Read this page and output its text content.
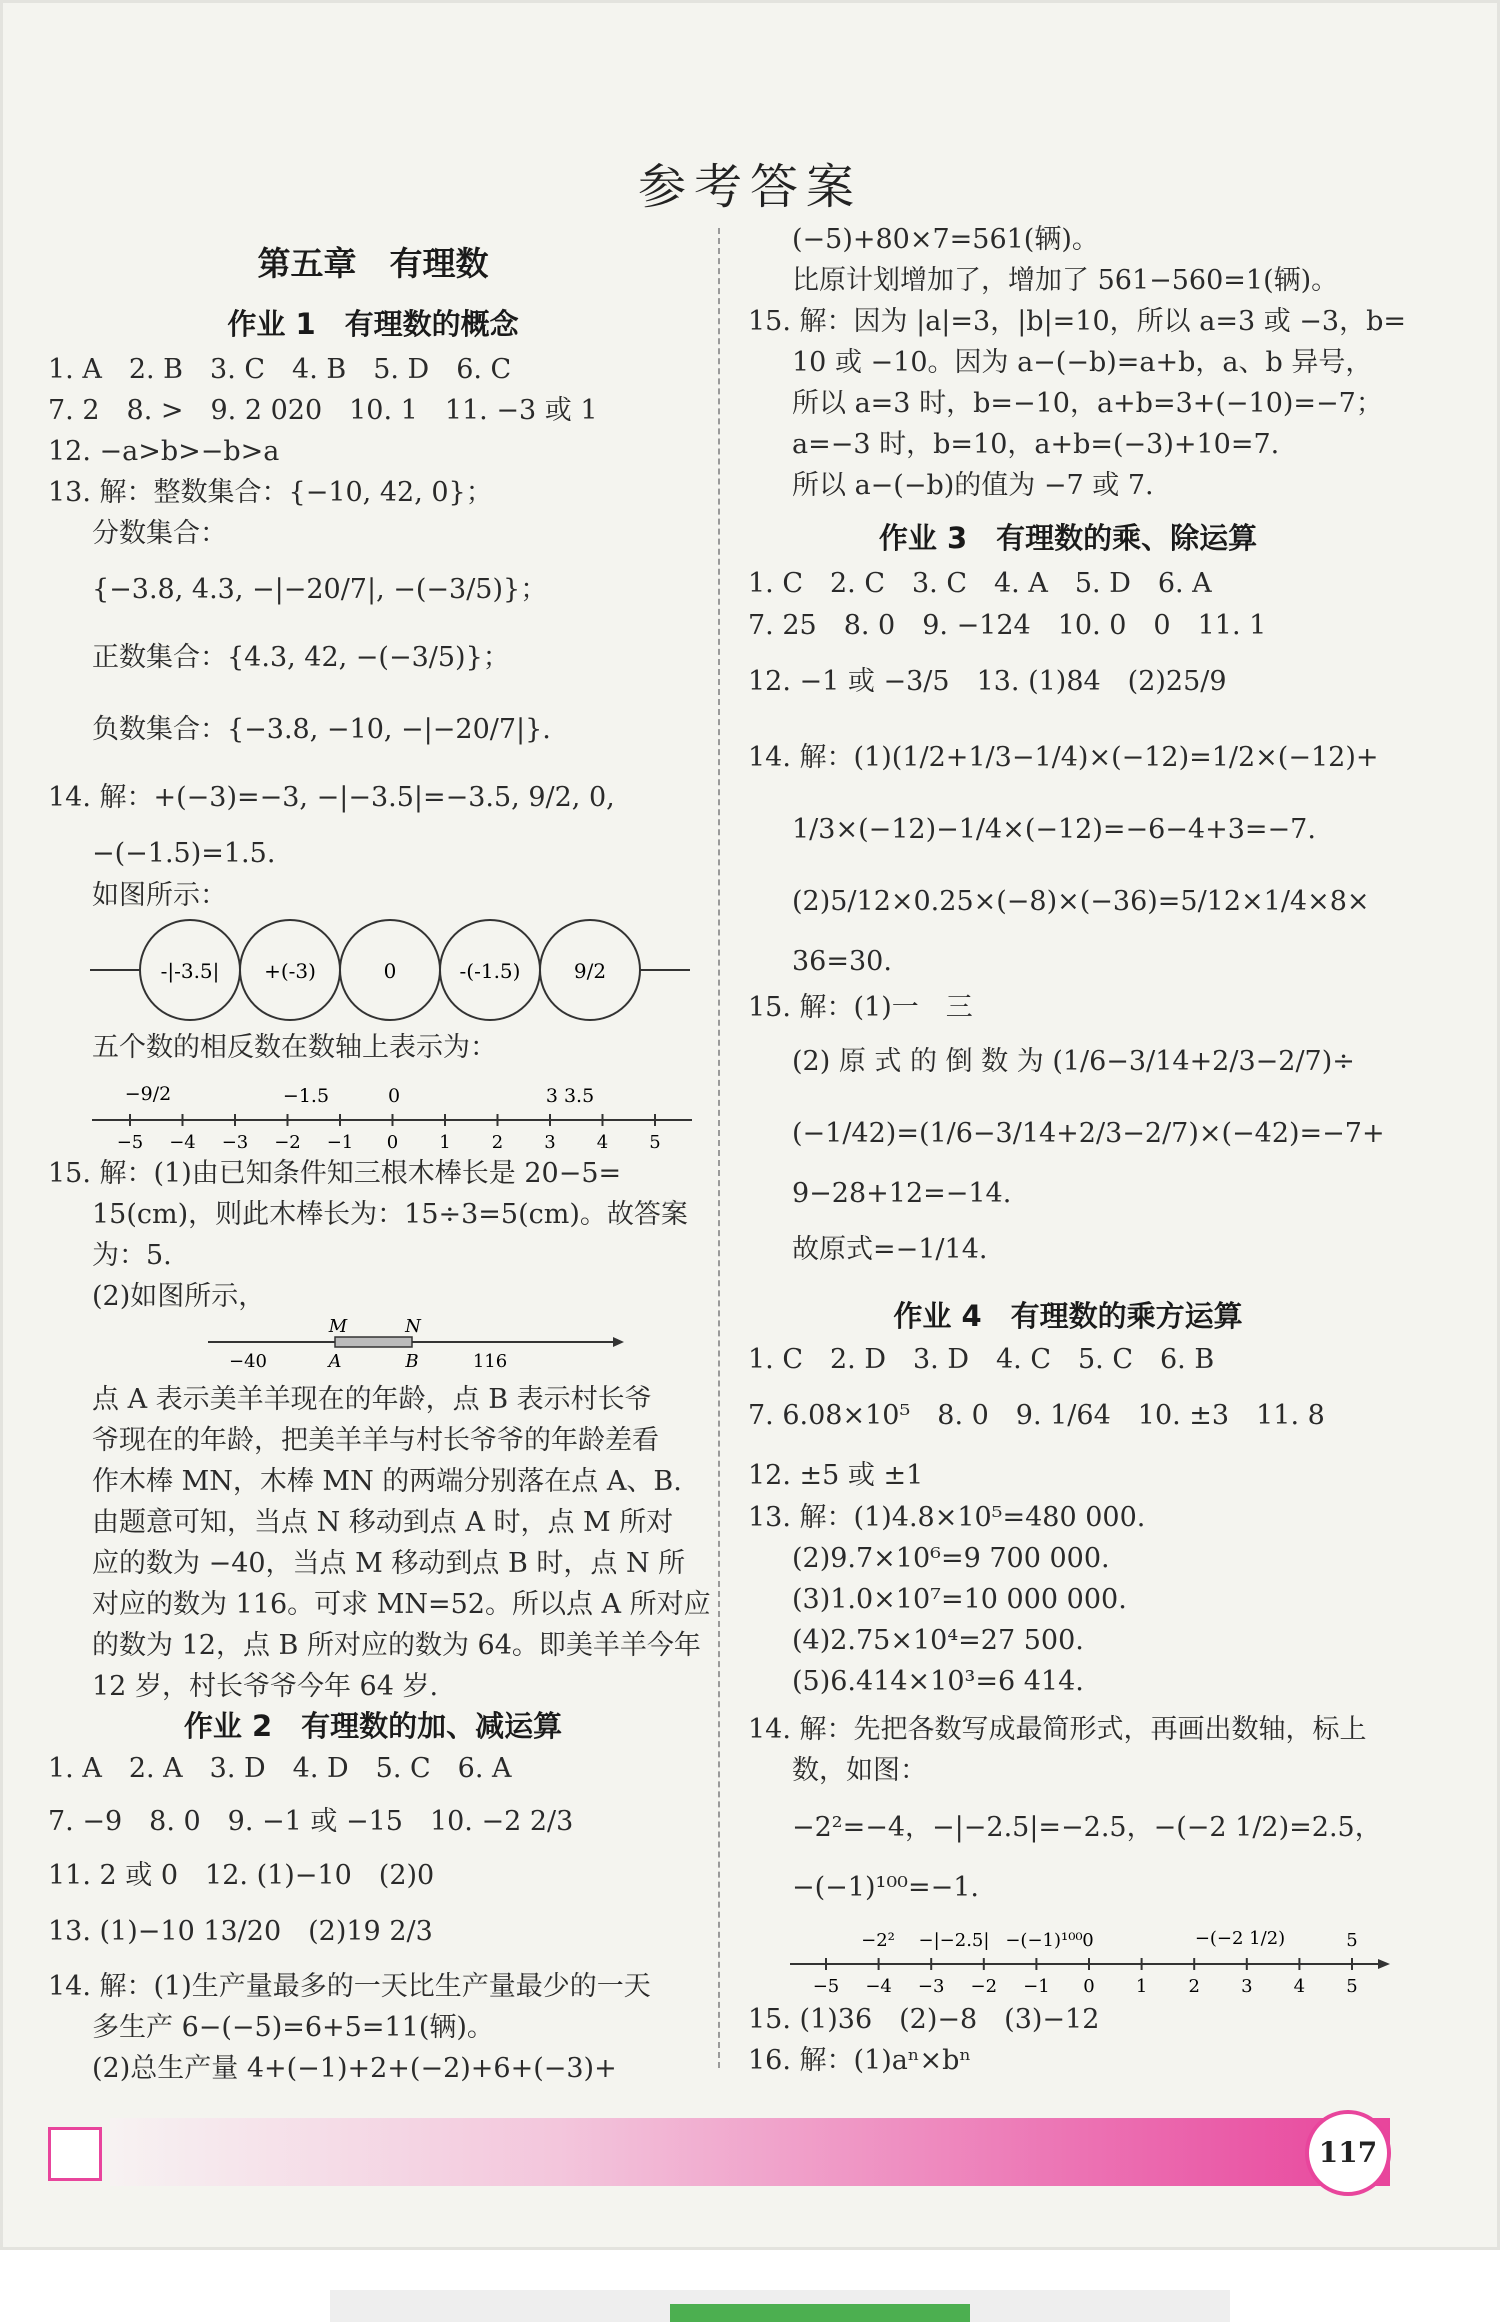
参考答案
第五章　有理数
作业 1　有理数的概念
1. A　2. B　3. C　4. B　5. D　6. C
7. 2　8. >　9. 2 020　10. 1　11. −3 或 1
12. −a>b>−b>a
13. 解：整数集合：{−10, 42, 0}；
分数集合：
{−3.8, 4.3, −|−20/7|, −(−3/5)}；
正数集合：{4.3, 42, −(−3/5)}；
负数集合：{−3.8, −10, −|−20/7|}.
14. 解：+(−3)=−3, −|−3.5|=−3.5, 9/2, 0,
−(−1.5)=1.5.
如图所示：
-|-3.5| +(-3)	0	-(-1.5)	9/2
五个数的相反数在数轴上表示为：
−5 −4 −3 −2 −1 0 1 2 3 4 5
−9/2	−1.5	0	3 3.5
15. 解：(1)由已知条件知三根木棒长是 20−5=
15(cm)，则此木棒长为：15÷3=5(cm)。故答案
为：5.
(2)如图所示，
M	N
−40	A	B	116
点 A 表示美羊羊现在的年龄，点 B 表示村长爷
爷现在的年龄，把美羊羊与村长爷爷的年龄差看
作木棒 MN，木棒 MN 的两端分别落在点 A、B.
由题意可知，当点 N 移动到点 A 时，点 M 所对
应的数为 −40，当点 M 移动到点 B 时，点 N 所
对应的数为 116。可求 MN=52。所以点 A 所对应
的数为 12，点 B 所对应的数为 64。即美羊羊今年
12 岁，村长爷爷今年 64 岁.
作业 2　有理数的加、减运算
1. A　2. A　3. D　4. D　5. C　6. A
7. −9　8. 0　9. −1 或 −15　10. −2 2/3
11. 2 或 0　12. (1)−10　(2)0
13. (1)−10 13/20　(2)19 2/3
14. 解：(1)生产量最多的一天比生产量最少的一天
多生产 6−(−5)=6+5=11(辆)。
(2)总生产量 4+(−1)+2+(−2)+6+(−3)+
(−5)+80×7=561(辆)。
比原计划增加了，增加了 561−560=1(辆)。
15. 解：因为 |a|=3，|b|=10，所以 a=3 或 −3，b=
10 或 −10。因为 a−(−b)=a+b，a、b 异号，
所以 a=3 时，b=−10，a+b=3+(−10)=−7；
a=−3 时，b=10，a+b=(−3)+10=7.
所以 a−(−b)的值为 −7 或 7.
作业 3　有理数的乘、除运算
1. C　2. C　3. C　4. A　5. D　6. A
7. 25　8. 0　9. −124　10. 0　0　11. 1
12. −1 或 −3/5　13. (1)84　(2)25/9
14. 解：(1)(1/2+1/3−1/4)×(−12)=1/2×(−12)+
1/3×(−12)−1/4×(−12)=−6−4+3=−7.
(2)5/12×0.25×(−8)×(−36)=5/12×1/4×8×
36=30.
15. 解：(1)一　三
(2) 原 式 的 倒 数 为 (1/6−3/14+2/3−2/7)÷
(−1/42)=(1/6−3/14+2/3−2/7)×(−42)=−7+
9−28+12=−14.
故原式=−1/14.
作业 4　有理数的乘方运算
1. C　2. D　3. D　4. C　5. C　6. B
7. 6.08×10⁵　8. 0　9. 1/64　10. ±3　11. 8
12. ±5 或 ±1
13. 解：(1)4.8×10⁵=480 000.
(2)9.7×10⁶=9 700 000.
(3)1.0×10⁷=10 000 000.
(4)2.75×10⁴=27 500.
(5)6.414×10³=6 414.
14. 解：先把各数写成最简形式，再画出数轴，标上
数，如图：
−2²=−4，−|−2.5|=−2.5，−(−2 1/2)=2.5，
−(−1)¹⁰⁰=−1.
−5 −4 −3 −2 −1 0 1 2 3 4 5
−2² −|−2.5| −(−1)¹⁰⁰ 0	−(−2 1/2)	5
15. (1)36　(2)−8　(3)−12
16. 解：(1)aⁿ×bⁿ
117
